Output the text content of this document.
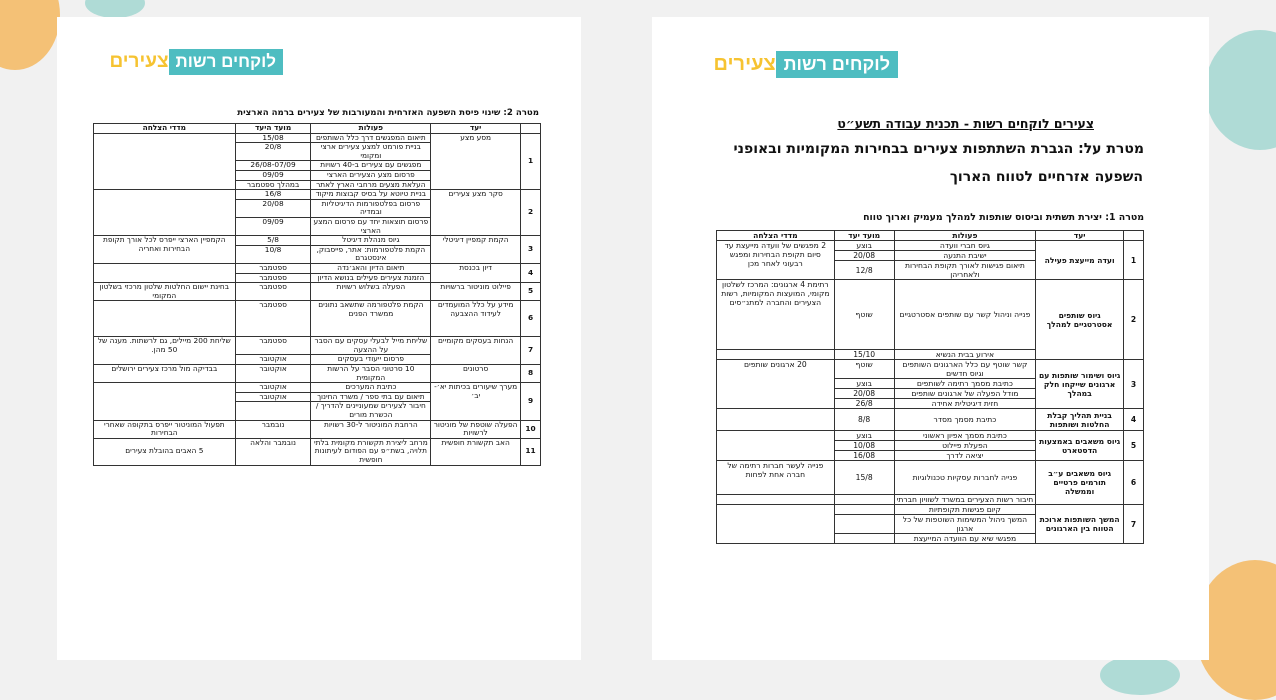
צעירים לוקחים רשות
מטרה 2: שינוי פיסת השפעה האזרחית והמעורבות של צעירים ברמה הארצית
	יעד	פעולות	מועד היעד	מדדי הצלחה
1	מסע מצע	תיאום המפגשים דרך כלל השותפים	15/08	
		בניית פורמט למצע צעירים ארצי ומקומי	20/8	
		מפגשים עם צעירים ב-40 רשויות	26/08-07/09	
		פרסום מצע הצעירים הארצי	09/09	
		העלאת מצעים מרחבי הארץ לאתר	במהלך ספטמבר	
2	סקר מצע צעירים	בניית טיוטא על בסיס קבוצות מיקוד	16/8	
		פרסום בפלטפורמות הדיגיטליות ובמדיה	20/08	
		פרסום תוצאות יחד עם פרסום המצע הארצי	09/09	
3	הקמת קמפיין דיגיטלי	גיוס מנהלת דיגיטל	5/8	הקמפיין הארצי ייפרס לכל אורך תקופת הבחירות ואחריה
		הקמת פלטפורמות: אתר, פייסבוק, אינסטגרם	10/8	
4	דיון בכנסת	תיאום הדיון והאג׳נדה	ספטמבר	
		הזמנת צעירים פעילים בנושא הדיון	ספטמבר	
5	פיילוט מוניטור ברשויות	הפעלה בשלוש רשויות	ספטמבר	בחינת יישום החלטות שלטון מרכזי בשלטון המקומי
6	מידע על כלל המועמדים לעידוד ההצבעה	הקמת פלטפורמה שתשאב נתונים ממשרד הפנים	ספטמבר	
7	הנחות בעסקים מקומיים	שליחת מייל לבעלי עסקים עם הסבר על ההצעה	ספטמבר	שליחת 200 מיילים, גם לרשתות. מענה של 50 מהן.
		פרסום ייעודי בעסקים	אוקטובר	
8	סרטונים	10 סרטוני הסבר על הרשות המקומית	אוקטובר	בבדיקה מול מרכז צעירים ירושלים
9	מערך שיעורים בכיתות יא׳-יב׳	כתיבת המערכים	אוקטובר	
		תיאום עם בתי ספר / משרד החינוך	אוקטובר	
		חיבור לצעירים שמעוניינים להדריך / הכשרת מורים		
10	הפעלה שוטפת של מוניטור לרשויות	הרחבת המוניטור ל-30 רשויות	נובמבר	תפעול המוניטור ייפרס בתקופה שאחרי הבחירות
11	האב תקשורת חופשית	מרחב ליצירת תקשורת מקומית בלתי תלויה, בשת״פ עם הפודום לעיתונות חופשית	נובמבר והלאה	5 האבים בהובלת צעירים
צעירים לוקחים רשות
צעירים לוקחים רשות - תכנית עבודה תשע״ט
מטרת על: הגברת השתתפות צעירים בבחירות המקומיות ובאופני
השפעה אזרחיים לטווח הארוך
מטרה 1: יצירת תשתית וביסוס שותפות למהלך מעמיק וארוך טווח
	יעד	פעולות	מועד יעד	מדדי הצלחה
1	ועדה מייעצת פעילה	גיוס חברי וועדה	בוצע	2 מפגשים של וועדה מייעצת עד סיום תקופת הבחירות ומפגש רבעוני לאחר מכן
		ישיבת התנעה	20/08	
		תיאום פגישות לאורך תקופת הבחירות ולאחריהן	12/8	
2	גיוס שותפים אסטרטגיים למהלך	פנייה וניהול קשר עם שותפים אסטרטגיים	שוטף	רתימת 4 ארגונים: המרכז לשלטון מקומי, המועצות המקומיות, רשות הצעירים והחברה למתנ״סים
		אירוע בבית הנשיא	15/10	
3	גיוס ושימור שותפות עם ארגונים שייקחו חלק במהלך	קשר שוטף עם כלל הארגונים השותפים וגיוס חדשים	שוטף	20 ארגונים שותפים
		כתיבת מסמך רתימה לשותפים	בוצע	
		מודל הפעלה של ארגונים שותפים	20/08	
		חזית דיגיטלית אחידה	26/8	
4	בניית תהליך קבלת החלטות ושותפות	כתיבת מסמך מסדר	8/8	
5	גיוס משאבים באמצעות הדסטארט	כתיבת מסמך אפיון ראשוני	בוצע	
		הפעלת פיילוט	10/08	
		יציאה לדרך	16/08	
6	גיוס משאבים ע״ב תורמים פרטיים וממשלה	פנייה לחברות עסקיות טכנולוגיות	15/8	פנייה לעשר חברות רתימה של חברה אחת לפחות
		חיבור רשות הצעירים במשרד לשוויון חברתי		
7	המשך השותפות ארוכת הטווח בין הארגונים	קיום פגישות תקופתיות		
		המשך ניהול המשימות השוטפות של כל ארגון		
		מפגשי שיא עם הוועדה המייעצת		
